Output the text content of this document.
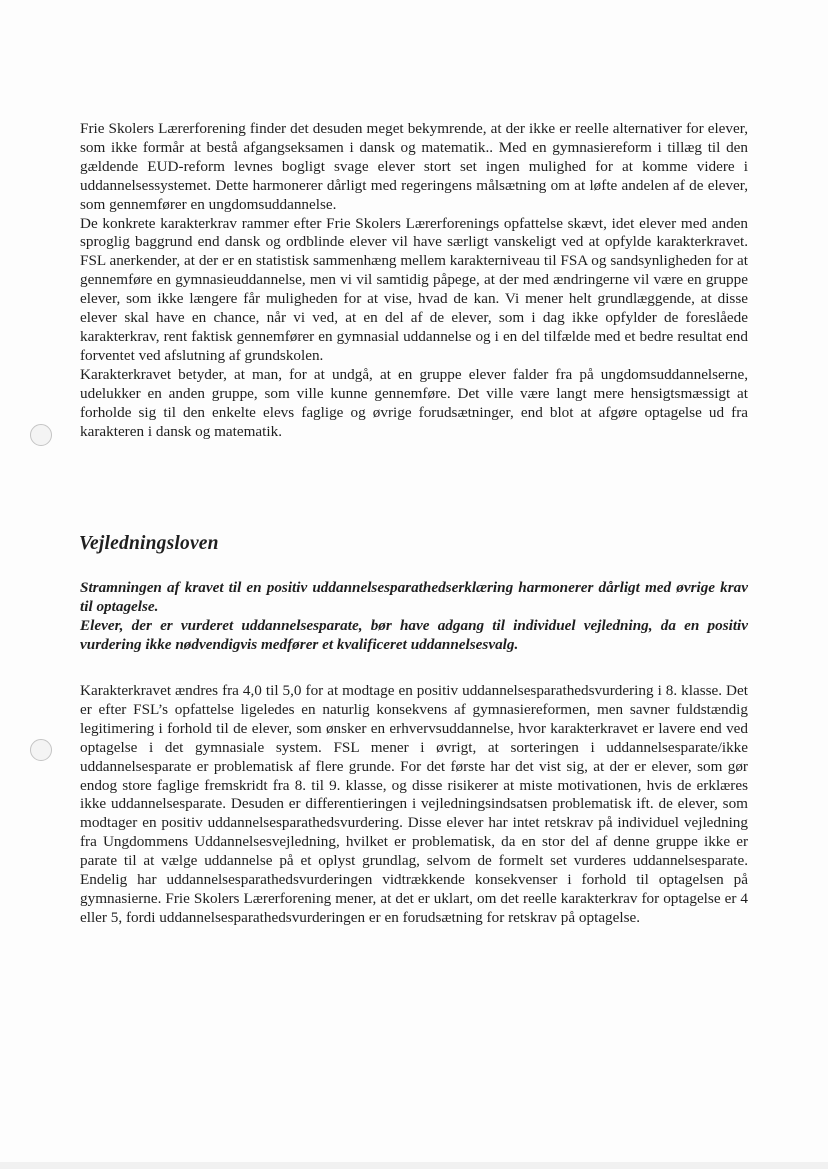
Frie Skolers Lærerforening finder det desuden meget bekymrende, at der ikke er reelle alternativer for elever, som ikke formår at bestå afgangseksamen i dansk og matematik.. Med en gymnasiereform i tillæg til den gældende EUD-reform levnes bogligt svage elever stort set ingen mulighed for at komme videre i uddannelsessystemet. Dette harmonerer dårligt med regeringens målsætning om at løfte andelen af de elever, som gennemfører en ungdomsuddannelse.

De konkrete karakterkrav rammer efter Frie Skolers Lærerforenings opfattelse skævt, idet elever med anden sproglig baggrund end dansk og ordblinde elever vil have særligt vanskeligt ved at opfylde karakterkravet. FSL anerkender, at der er en statistisk sammenhæng mellem karakterniveau til FSA og sandsynligheden for at gennemføre en gymnasieuddannelse, men vi vil samtidig påpege, at der med ændringerne vil være en gruppe elever, som ikke længere får muligheden for at vise, hvad de kan. Vi mener helt grundlæggende, at disse elever skal have en chance, når vi ved, at en del af de elever, som i dag ikke opfylder de foreslåede karakterkrav, rent faktisk gennemfører en gymnasial uddannelse og i en del tilfælde med et bedre resultat end forventet ved afslutning af grundskolen.

Karakterkravet betyder, at man, for at undgå, at en gruppe elever falder fra på ungdomsuddannelserne, udelukker en anden gruppe, som ville kunne gennemføre. Det ville være langt mere hensigtsmæssigt at forholde sig til den enkelte elevs faglige og øvrige forudsætninger, end blot at afgøre optagelse ud fra karakteren i dansk og matematik.

Vejledningsloven

Stramningen af kravet til en positiv uddannelsesparathedserklæring harmonerer dårligt med øvrige krav til optagelse.

Elever, der er vurderet uddannelsesparate, bør have adgang til individuel vejledning, da en positiv vurdering ikke nødvendigvis medfører et kvalificeret uddannelsesvalg.

Karakterkravet ændres fra 4,0 til 5,0 for at modtage en positiv uddannelsesparathedsvurdering i 8. klasse. Det er efter FSL’s opfattelse ligeledes en naturlig konsekvens af gymnasiereformen, men savner fuldstændig legitimering i forhold til de elever, som ønsker en erhvervsuddannelse, hvor karakterkravet er lavere end ved optagelse i det gymnasiale system. FSL mener i øvrigt, at sorteringen i uddannelsesparate/ikke uddannelsesparate er problematisk af flere grunde. For det første har det vist sig, at der er elever, som gør endog store faglige fremskridt fra 8. til 9. klasse, og disse risikerer at miste motivationen, hvis de erklæres ikke uddannelsesparate. Desuden er differentieringen i vejledningsindsatsen problematisk ift. de elever, som modtager en positiv uddannelsesparathedsvurdering. Disse elever har intet retskrav på individuel vejledning fra Ungdommens Uddannelsesvejledning, hvilket er problematisk, da en stor del af denne gruppe ikke er parate til at vælge uddannelse på et oplyst grundlag, selvom de formelt set vurderes uddannelsesparate. Endelig har uddannelsesparathedsvurderingen vidtrækkende konsekvenser i forhold til optagelsen på gymnasierne. Frie Skolers Lærerforening mener, at det er uklart, om det reelle karakterkrav for optagelse er 4 eller 5, fordi uddannelsesparathedsvurderingen er en forudsætning for retskrav på optagelse.
